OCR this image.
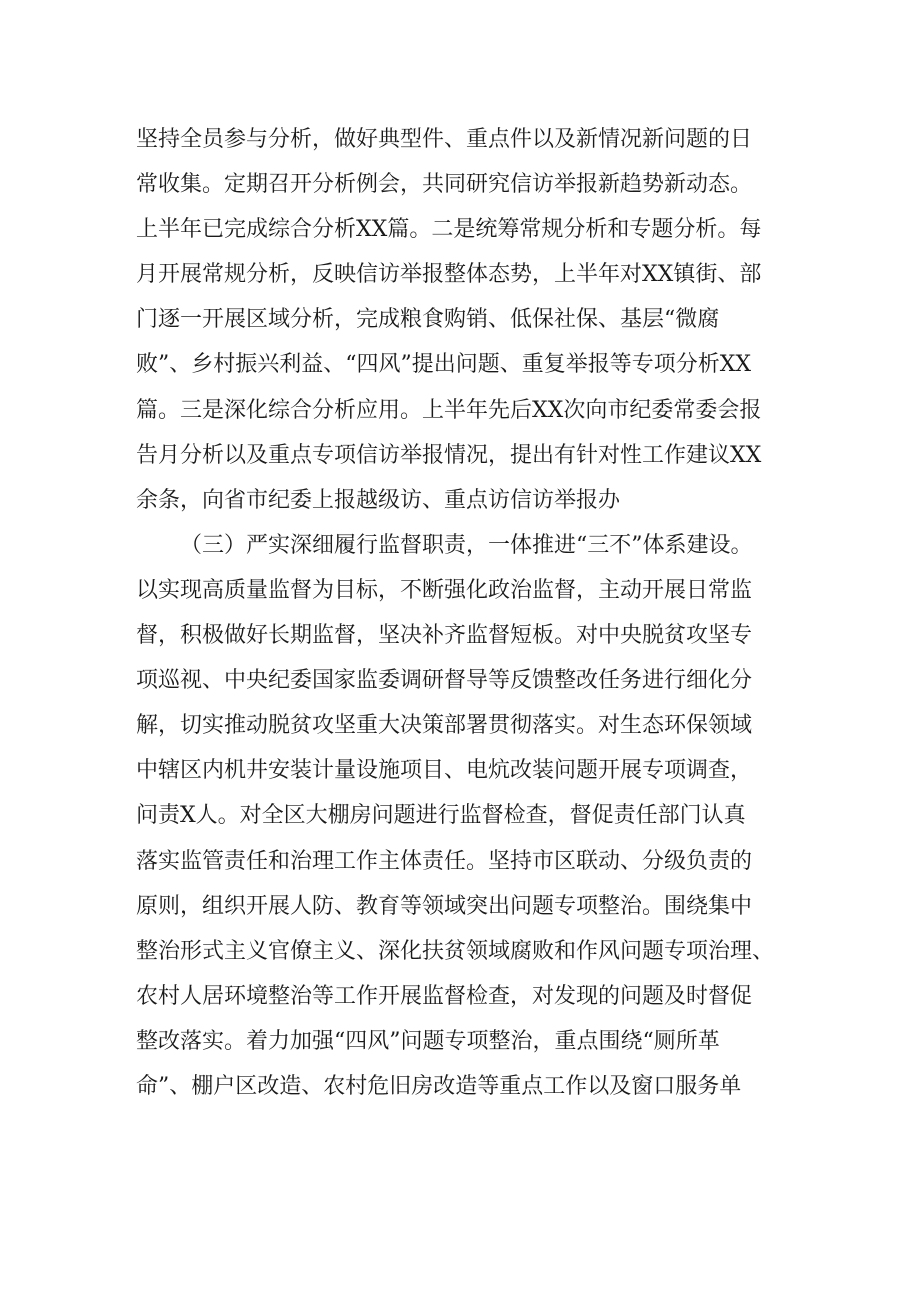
坚持全员参与分析，做好典型件、重点件以及新情况新问题的日
常收集。定期召开分析例会，共同研究信访举报新趋势新动态。
上半年已完成综合分析XX篇。二是统筹常规分析和专题分析。每
月开展常规分析，反映信访举报整体态势，上半年对XX镇街、部
门逐一开展区域分析，完成粮食购销、低保社保、基层“微腐
败”、乡村振兴利益、“四风”提出问题、重复举报等专项分析XX
篇。三是深化综合分析应用。上半年先后XX次向市纪委常委会报
告月分析以及重点专项信访举报情况，提出有针对性工作建议XX
余条，向省市纪委上报越级访、重点访信访举报办
（三）严实深细履行监督职责，一体推进“三不”体系建设。
以实现高质量监督为目标，不断强化政治监督，主动开展日常监
督，积极做好长期监督，坚决补齐监督短板。对中央脱贫攻坚专
项巡视、中央纪委国家监委调研督导等反馈整改任务进行细化分
解，切实推动脱贫攻坚重大决策部署贯彻落实。对生态环保领域
中辖区内机井安装计量设施项目、电炕改装问题开展专项调查，
问责X人。对全区大棚房问题进行监督检查，督促责任部门认真
落实监管责任和治理工作主体责任。坚持市区联动、分级负责的
原则，组织开展人防、教育等领域突出问题专项整治。围绕集中
整治形式主义官僚主义、深化扶贫领域腐败和作风问题专项治理、
农村人居环境整治等工作开展监督检查，对发现的问题及时督促
整改落实。着力加强“四风”问题专项整治，重点围绕“厕所革
命”、棚户区改造、农村危旧房改造等重点工作以及窗口服务单
